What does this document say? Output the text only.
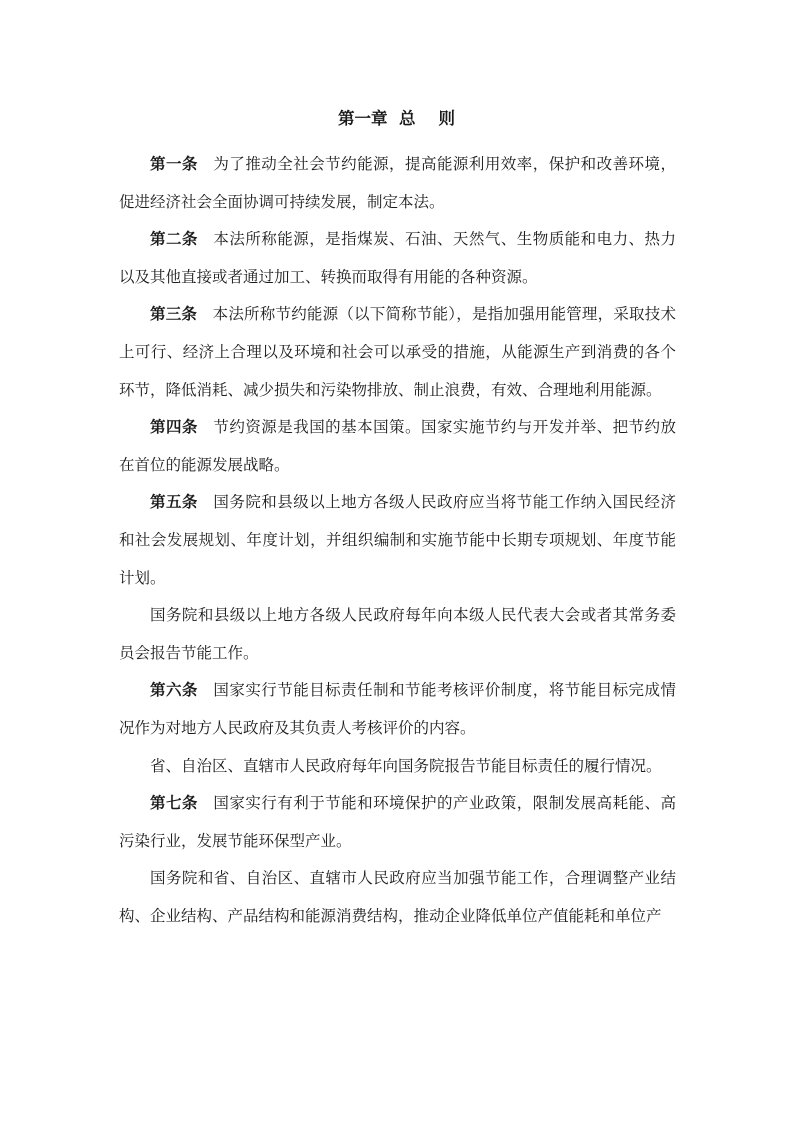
第一章  总    则

第一条 为了推动全社会节约能源，提高能源利用效率，保护和改善环境，促进经济社会全面协调可持续发展，制定本法。

第二条 本法所称能源，是指煤炭、石油、天然气、生物质能和电力、热力以及其他直接或者通过加工、转换而取得有用能的各种资源。

第三条 本法所称节约能源（以下简称节能），是指加强用能管理，采取技术上可行、经济上合理以及环境和社会可以承受的措施，从能源生产到消费的各个环节，降低消耗、减少损失和污染物排放、制止浪费，有效、合理地利用能源。

第四条 节约资源是我国的基本国策。国家实施节约与开发并举、把节约放在首位的能源发展战略。

第五条 国务院和县级以上地方各级人民政府应当将节能工作纳入国民经济和社会发展规划、年度计划，并组织编制和实施节能中长期专项规划、年度节能计划。

国务院和县级以上地方各级人民政府每年向本级人民代表大会或者其常务委员会报告节能工作。

第六条 国家实行节能目标责任制和节能考核评价制度，将节能目标完成情况作为对地方人民政府及其负责人考核评价的内容。

省、自治区、直辖市人民政府每年向国务院报告节能目标责任的履行情况。

第七条 国家实行有利于节能和环境保护的产业政策，限制发展高耗能、高污染行业，发展节能环保型产业。

国务院和省、自治区、直辖市人民政府应当加强节能工作，合理调整产业结构、企业结构、产品结构和能源消费结构，推动企业降低单位产值能耗和单位产
